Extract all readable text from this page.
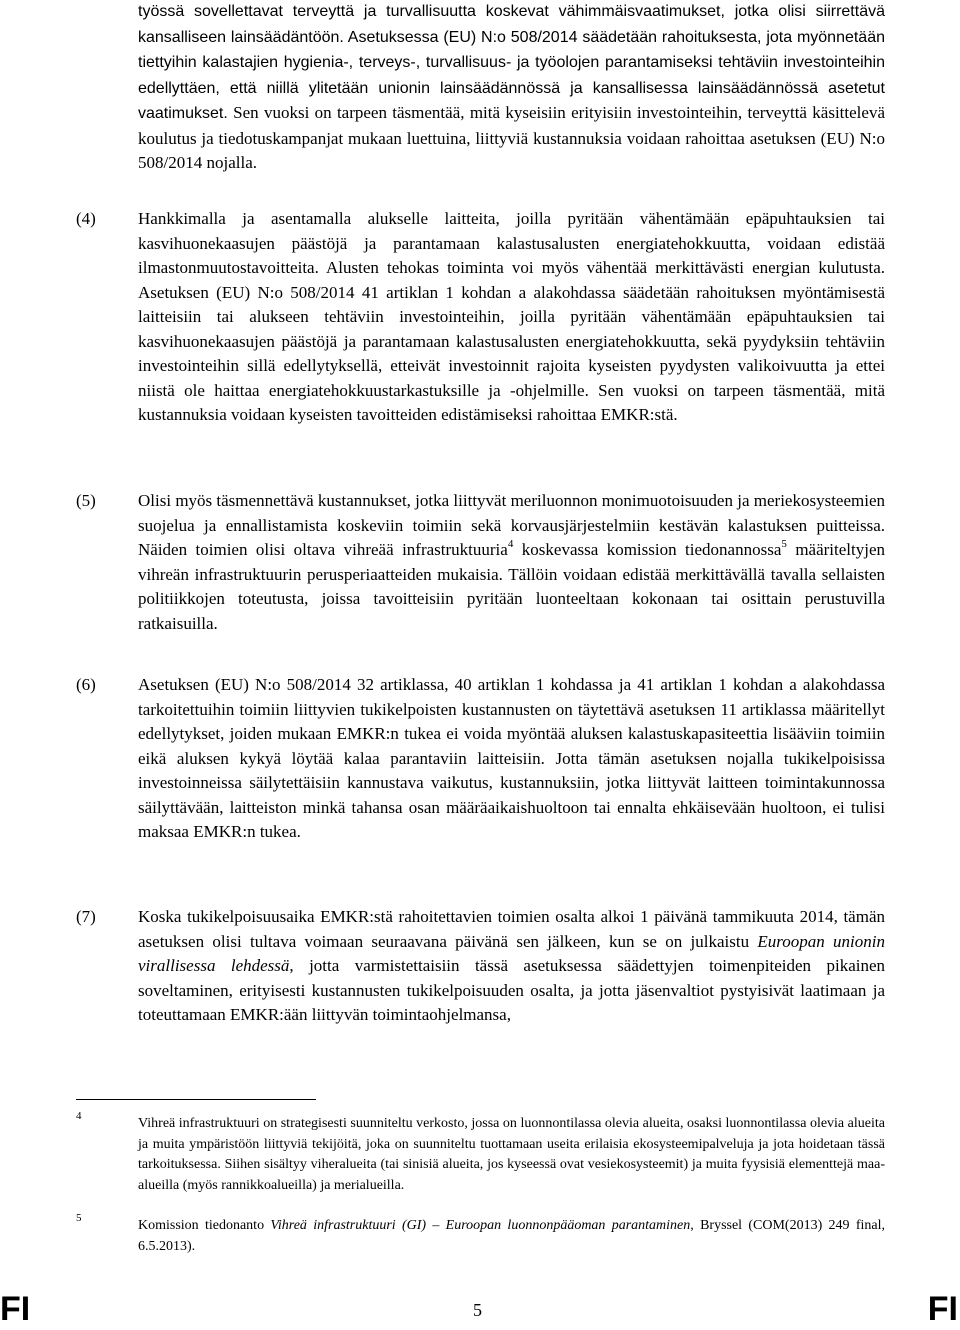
työssä sovellettavat terveyttä ja turvallisuutta koskevat vähimmäisvaatimukset, jotka olisi siirrettävä kansalliseen lainsäädäntöön. Asetuksessa (EU) N:o 508/2014 säädetään rahoituksesta, jota myönnetään tiettyihin kalastajien hygienia-, terveys-, turvallisuus- ja työolojen parantamiseksi tehtäviin investointeihin edellyttäen, että niillä ylitetään unionin lainsäädännössä ja kansallisessa lainsäädännössä asetetut vaatimukset. Sen vuoksi on tarpeen täsmentää, mitä kyseisiin erityisiin investointeihin, terveyttä käsittelevä koulutus ja tiedotuskampanjat mukaan luettuina, liittyviä kustannuksia voidaan rahoittaa asetuksen (EU) N:o 508/2014 nojalla.
(4) Hankkimalla ja asentamalla alukselle laitteita, joilla pyritään vähentämään epäpuhtauksien tai kasvihuonekaasujen päästöjä ja parantamaan kalastusalusten energiatehokkuutta, voidaan edistää ilmastonmuutostavoitteita. Alusten tehokas toiminta voi myös vähentää merkittävästi energian kulutusta. Asetuksen (EU) N:o 508/2014 41 artiklan 1 kohdan a alakohdassa säädetään rahoituksen myöntämisestä laitteisiin tai alukseen tehtäviin investointeihin, joilla pyritään vähentämään epäpuhtauksien tai kasvihuonekaasujen päästöjä ja parantamaan kalastusalusten energiatehokkuutta, sekä pyydyksiin tehtäviin investointeihin sillä edellytyksellä, etteivät investoinnit rajoita kyseisten pyydysten valikoivuutta ja ettei niistä ole haittaa energiatehokkuustarkastuksille ja -ohjelmille. Sen vuoksi on tarpeen täsmentää, mitä kustannuksia voidaan kyseisten tavoitteiden edistämiseksi rahoittaa EMKR:stä.
(5) Olisi myös täsmennettävä kustannukset, jotka liittyvät meriluonnon monimuotoisuuden ja meriekosysteemien suojelua ja ennallistamista koskeviin toimiin sekä korvausjärjestelmiin kestävän kalastuksen puitteissa. Näiden toimien olisi oltava vihreää infrastruktuuria$^4$ koskevassa komission tiedonannossa$^5$ määriteltyjen vihreän infrastruktuurin perusperiaatteiden mukaisia. Tällöin voidaan edistää merkittävällä tavalla sellaisten politiikkojen toteutusta, joissa tavoitteisiin pyritään luonteeltaan kokonaan tai osittain perustuvilla ratkaisuilla.
(6) Asetuksen (EU) N:o 508/2014 32 artiklassa, 40 artiklan 1 kohdassa ja 41 artiklan 1 kohdan a alakohdassa tarkoitettuihin toimiin liittyvien tukikelpoisten kustannusten on täytettävä asetuksen 11 artiklassa määritellyt edellytykset, joiden mukaan EMKR:n tukea ei voida myöntää aluksen kalastuskapasiteettia lisääviin toimiin eikä aluksen kykyä löytää kalaa parantaviin laitteisiin. Jotta tämän asetuksen nojalla tukikelpoisissa investoinneissa säilytettäisiin kannustava vaikutus, kustannuksiin, jotka liittyvät laitteen toimintakunnossa säilyttävään, laitteiston minkä tahansa osan määräaikaishuoltoon tai ennalta ehkäisevään huoltoon, ei tulisi maksaa EMKR:n tukea.
(7) Koska tukikelpoisuusaika EMKR:stä rahoitettavien toimien osalta alkoi 1 päivänä tammikuuta 2014, tämän asetuksen olisi tultava voimaan seuraavana päivänä sen jälkeen, kun se on julkaistu Euroopan unionin virallisessa lehdessä, jotta varmistettaisiin tässä asetuksessa säädettyjen toimenpiteiden pikainen soveltaminen, erityisesti kustannusten tukikelpoisuuden osalta, ja jotta jäsenvaltiot pystyisivät laatimaan ja toteuttamaan EMKR:ään liittyvän toimintaohjelmansa,
4	Vihreä infrastruktuuri on strategisesti suunniteltu verkosto, jossa on luonnontilassa olevia alueita, osaksi luonnontilassa olevia alueita ja muita ympäristöön liittyviä tekijöitä, joka on suunniteltu tuottamaan useita erilaisia ekosysteemipalveluja ja jota hoidetaan tässä tarkoituksessa. Siihen sisältyy viheralueita (tai sinisiä alueita, jos kyseessä ovat vesiekosysteemit) ja muita fyysisiä elementtejä maa-alueilla (myös rannikkoalueilla) ja merialueilla.
5	Komission tiedonanto Vihreä infrastruktuuri (GI) – Euroopan luonnonpääoman parantaminen, Bryssel (COM(2013) 249 final, 6.5.2013).
FI	5	FI
